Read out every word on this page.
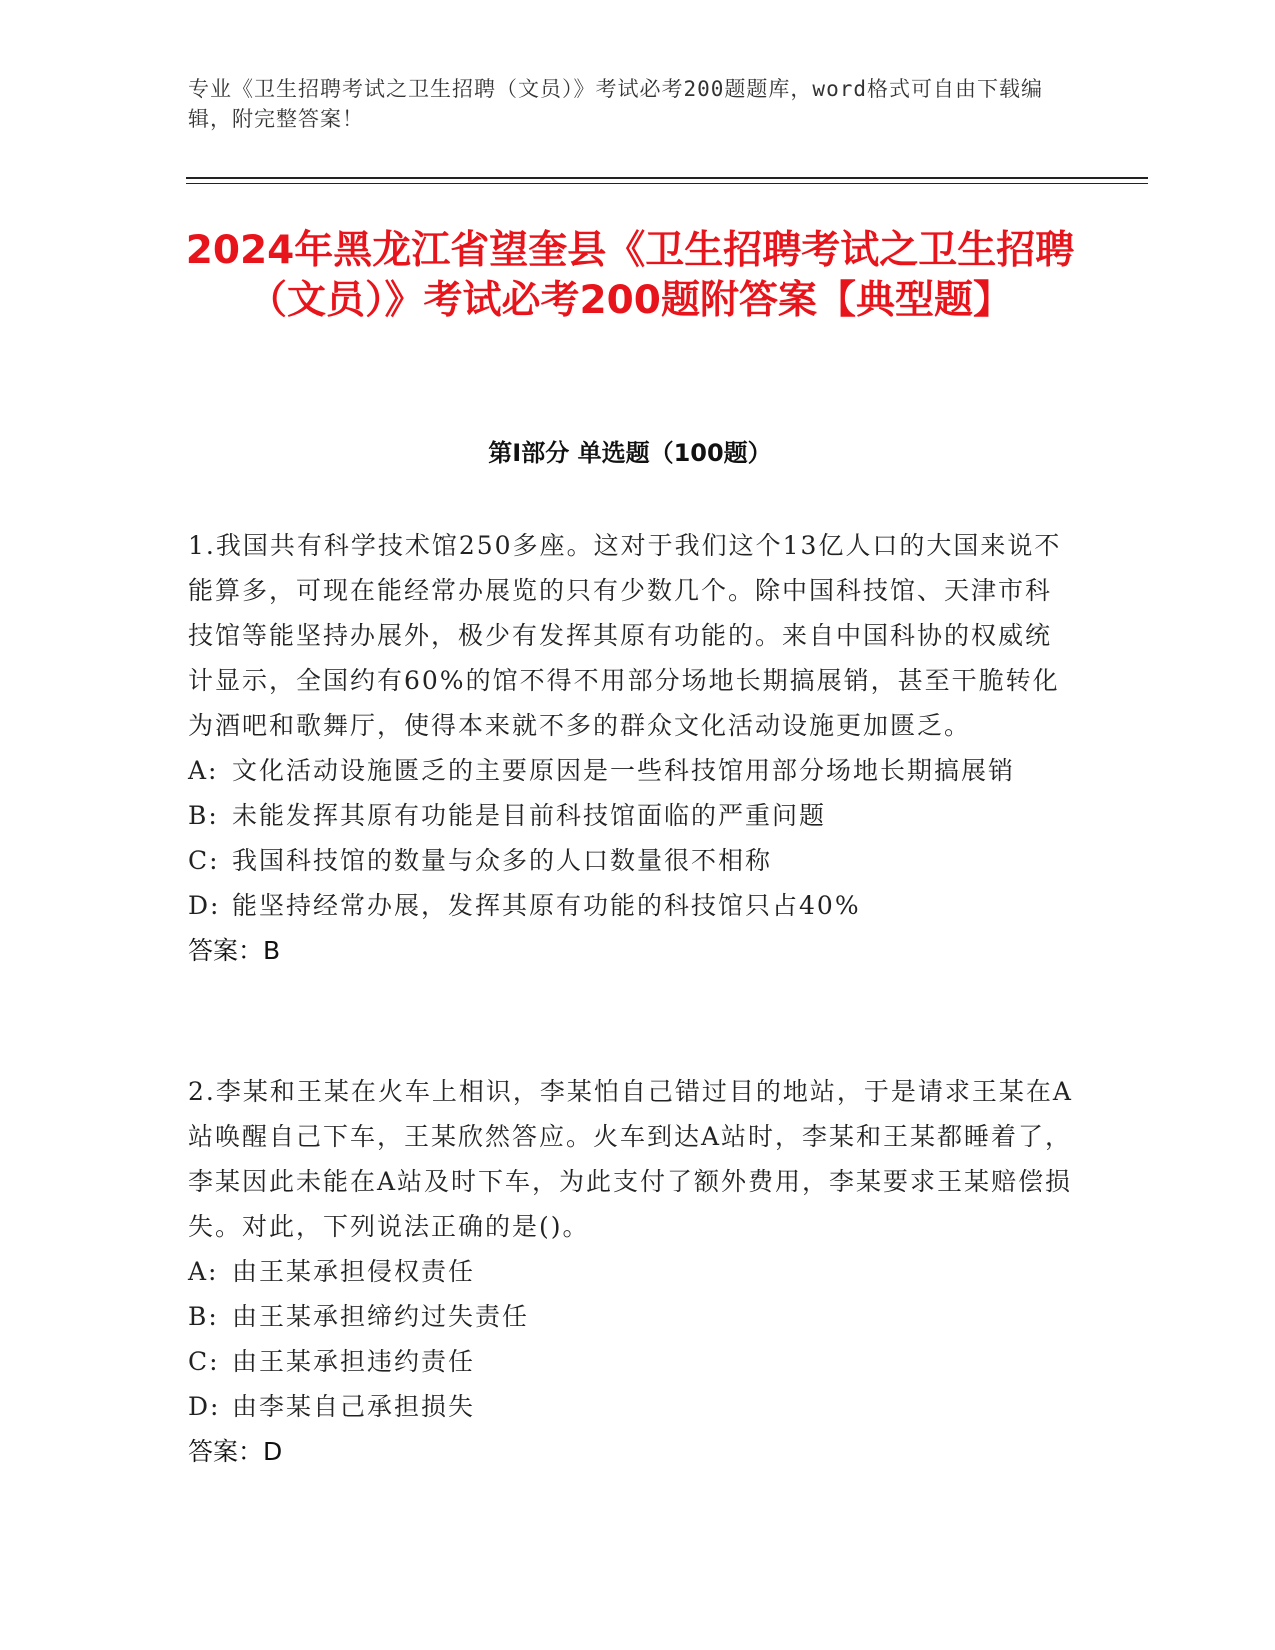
专业《卫生招聘考试之卫生招聘（文员）》考试必考200题题库，word格式可自由下载编辑，附完整答案！
2024年黑龙江省望奎县《卫生招聘考试之卫生招聘（文员）》考试必考200题附答案【典型题】
第I部分 单选题（100题）
1.我国共有科学技术馆250多座。这对于我们这个13亿人口的大国来说不能算多，可现在能经常办展览的只有少数几个。除中国科技馆、天津市科技馆等能坚持办展外，极少有发挥其原有功能的。来自中国科协的权威统计显示，全国约有60%的馆不得不用部分场地长期搞展销，甚至干脆转化为酒吧和歌舞厅，使得本来就不多的群众文化活动设施更加匮乏。
A: 文化活动设施匮乏的主要原因是一些科技馆用部分场地长期搞展销
B: 未能发挥其原有功能是目前科技馆面临的严重问题
C: 我国科技馆的数量与众多的人口数量很不相称
D: 能坚持经常办展，发挥其原有功能的科技馆只占40%
答案：B
2.李某和王某在火车上相识，李某怕自己错过目的地站，于是请求王某在A站唤醒自己下车，王某欣然答应。火车到达A站时，李某和王某都睡着了，李某因此未能在A站及时下车，为此支付了额外费用，李某要求王某赔偿损失。对此，下列说法正确的是()。
A: 由王某承担侵权责任
B: 由王某承担缔约过失责任
C: 由王某承担违约责任
D: 由李某自己承担损失
答案：D
